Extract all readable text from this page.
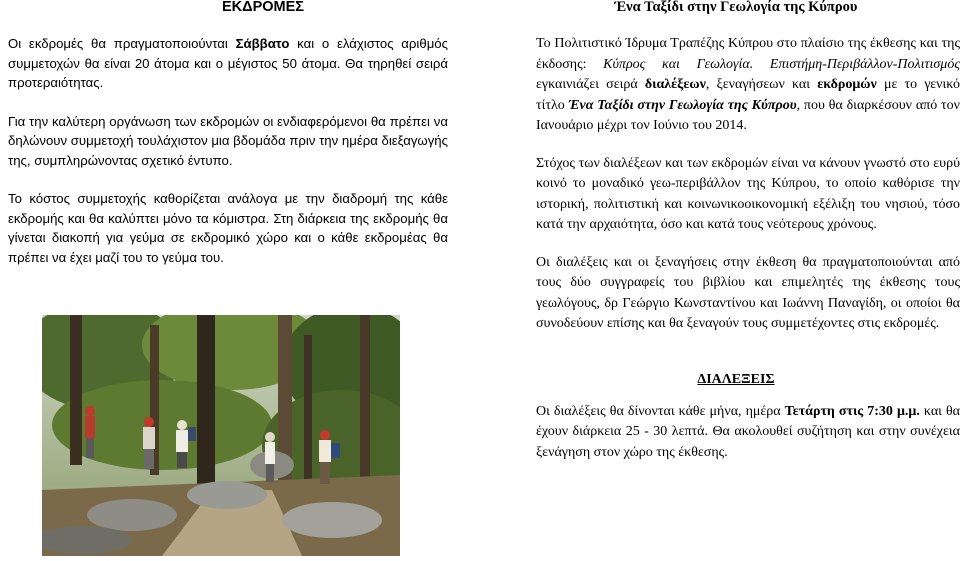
ΕΚΔΡΟΜΕΣ

Οι εκδρομές θα πραγματοποιούνται Σάββατο και ο ελάχιστος αριθμός συμμετοχών θα είναι 20 άτομα και ο μέγιστος 50 άτομα. Θα τηρηθεί σειρά προτεραιότητας.

Για την καλύτερη οργάνωση των εκδρομών οι ενδιαφερόμενοι θα πρέπει να δηλώνουν συμμετοχή τουλάχιστον μια βδομάδα πριν την ημέρα διεξαγωγής της, συμπληρώνοντας σχετικό έντυπο.

Το κόστος συμμετοχής καθορίζεται ανάλογα με την διαδρομή της κάθε εκδρομής και θα καλύπτει μόνο τα κόμιστρα. Στη διάρκεια της εκδρομής θα γίνεται διακοπή για γεύμα σε εκδρομικό χώρο και ο κάθε εκδρομέας θα πρέπει να έχει μαζί του το γεύμα του.

Ένα Ταξίδι στην Γεωλογία της Κύπρου

Το Πολιτιστικό Ίδρυμα Τραπέζης Κύπρου στο πλαίσιο της έκθεσης και της έκδοσης: Κύπρος και Γεωλογία. Επιστήμη-Περιβάλλον-Πολιτισμός εγκαινιάζει σειρά διαλέξεων, ξεναγήσεων και εκδρομών με το γενικό τίτλο Ένα Ταξίδι στην Γεωλογία της Κύπρου, που θα διαρκέσουν από τον Ιανουάριο μέχρι τον Ιούνιο του 2014.

Στόχος των διαλέξεων και των εκδρομών είναι να κάνουν γνωστό στο ευρύ κοινό το μοναδικό γεω-περιβάλλον της Κύπρου, το οποίο καθόρισε την ιστορική, πολιτιστική και κοινωνικοοικονομική εξέλιξη του νησιού, τόσο κατά την αρχαιότητα, όσο και κατά τους νεότερους χρόνους.

Οι διαλέξεις και οι ξεναγήσεις στην έκθεση θα πραγματοποιούνται από τους δύο συγγραφείς του βιβλίου και επιμελητές της έκθεσης τους γεωλόγους, δρ Γεώργιο Κωνσταντίνου και Ιωάννη Παναγίδη, οι οποίοι θα συνοδεύουν επίσης και θα ξεναγούν τους συμμετέχοντες στις εκδρομές.

ΔΙΑΛΕΞΕΙΣ

Οι διαλέξεις θα δίνονται κάθε μήνα, ημέρα Τετάρτη στις 7:30 μ.μ. και θα έχουν διάρκεια 25 - 30 λεπτά. Θα ακολουθεί συζήτηση και στην συνέχεια ξενάγηση στον χώρο της έκθεσης.
